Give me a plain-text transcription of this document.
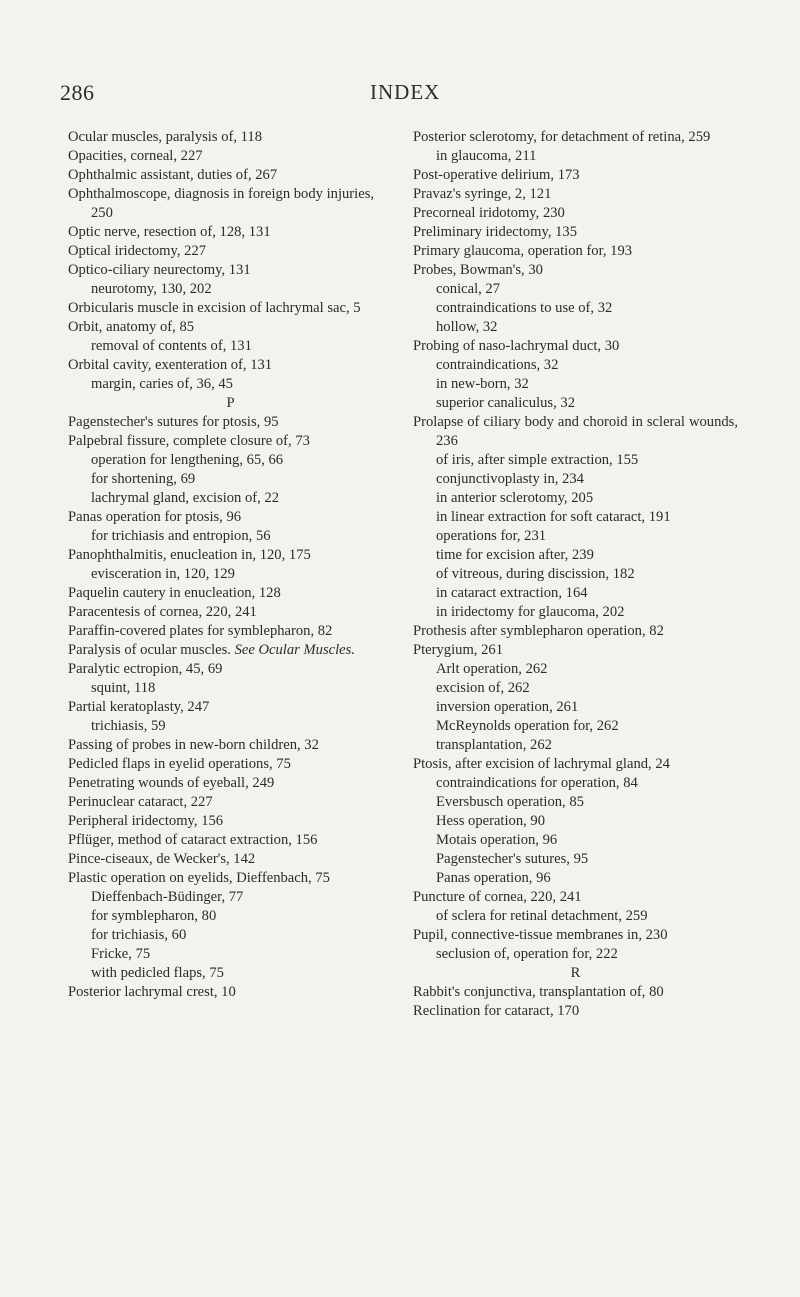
286	INDEX
Ocular muscles, paralysis of, 118
Opacities, corneal, 227
Ophthalmic assistant, duties of, 267
Ophthalmoscope, diagnosis in foreign body injuries, 250
Optic nerve, resection of, 128, 131
Optical iridectomy, 227
Optico-ciliary neurectomy, 131
neurotomy, 130, 202
Orbicularis muscle in excision of lachrymal sac, 5
Orbit, anatomy of, 85
removal of contents of, 131
Orbital cavity, exenteration of, 131
margin, caries of, 36, 45
P
Pagenstecher's sutures for ptosis, 95
Palpebral fissure, complete closure of, 73
operation for lengthening, 65, 66
for shortening, 69
lachrymal gland, excision of, 22
Panas operation for ptosis, 96
for trichiasis and entropion, 56
Panophthalmitis, enucleation in, 120, 175
evisceration in, 120, 129
Paquelin cautery in enucleation, 128
Paracentesis of cornea, 220, 241
Paraffin-covered plates for symblepharon, 82
Paralysis of ocular muscles. See Ocular Muscles.
Paralytic ectropion, 45, 69
squint, 118
Partial keratoplasty, 247
trichiasis, 59
Passing of probes in new-born children, 32
Pedicled flaps in eyelid operations, 75
Penetrating wounds of eyeball, 249
Perinuclear cataract, 227
Peripheral iridectomy, 156
Pflüger, method of cataract extraction, 156
Pince-ciseaux, de Wecker's, 142
Plastic operation on eyelids, Dieffenbach, 75
Dieffenbach-Büdinger, 77
for symblepharon, 80
for trichiasis, 60
Fricke, 75
with pedicled flaps, 75
Posterior lachrymal crest, 10
Posterior sclerotomy, for detachment of retina, 259
in glaucoma, 211
Post-operative delirium, 173
Pravaz's syringe, 2, 121
Precorneal iridotomy, 230
Preliminary iridectomy, 135
Primary glaucoma, operation for, 193
Probes, Bowman's, 30
conical, 27
contraindications to use of, 32
hollow, 32
Probing of naso-lachrymal duct, 30
contraindications, 32
in new-born, 32
superior canaliculus, 32
Prolapse of ciliary body and choroid in scleral wounds, 236
of iris, after simple extraction, 155
conjunctivoplasty in, 234
in anterior sclerotomy, 205
in linear extraction for soft cataract, 191
operations for, 231
time for excision after, 239
of vitreous, during discission, 182
in cataract extraction, 164
in iridectomy for glaucoma, 202
Prothesis after symblepharon operation, 82
Pterygium, 261
Arlt operation, 262
excision of, 262
inversion operation, 261
McReynolds operation for, 262
transplantation, 262
Ptosis, after excision of lachrymal gland, 24
contraindications for operation, 84
Eversbusch operation, 85
Hess operation, 90
Motais operation, 96
Pagenstecher's sutures, 95
Panas operation, 96
Puncture of cornea, 220, 241
of sclera for retinal detachment, 259
Pupil, connective-tissue membranes in, 230
seclusion of, operation for, 222
R
Rabbit's conjunctiva, transplantation of, 80
Reclination for cataract, 170
